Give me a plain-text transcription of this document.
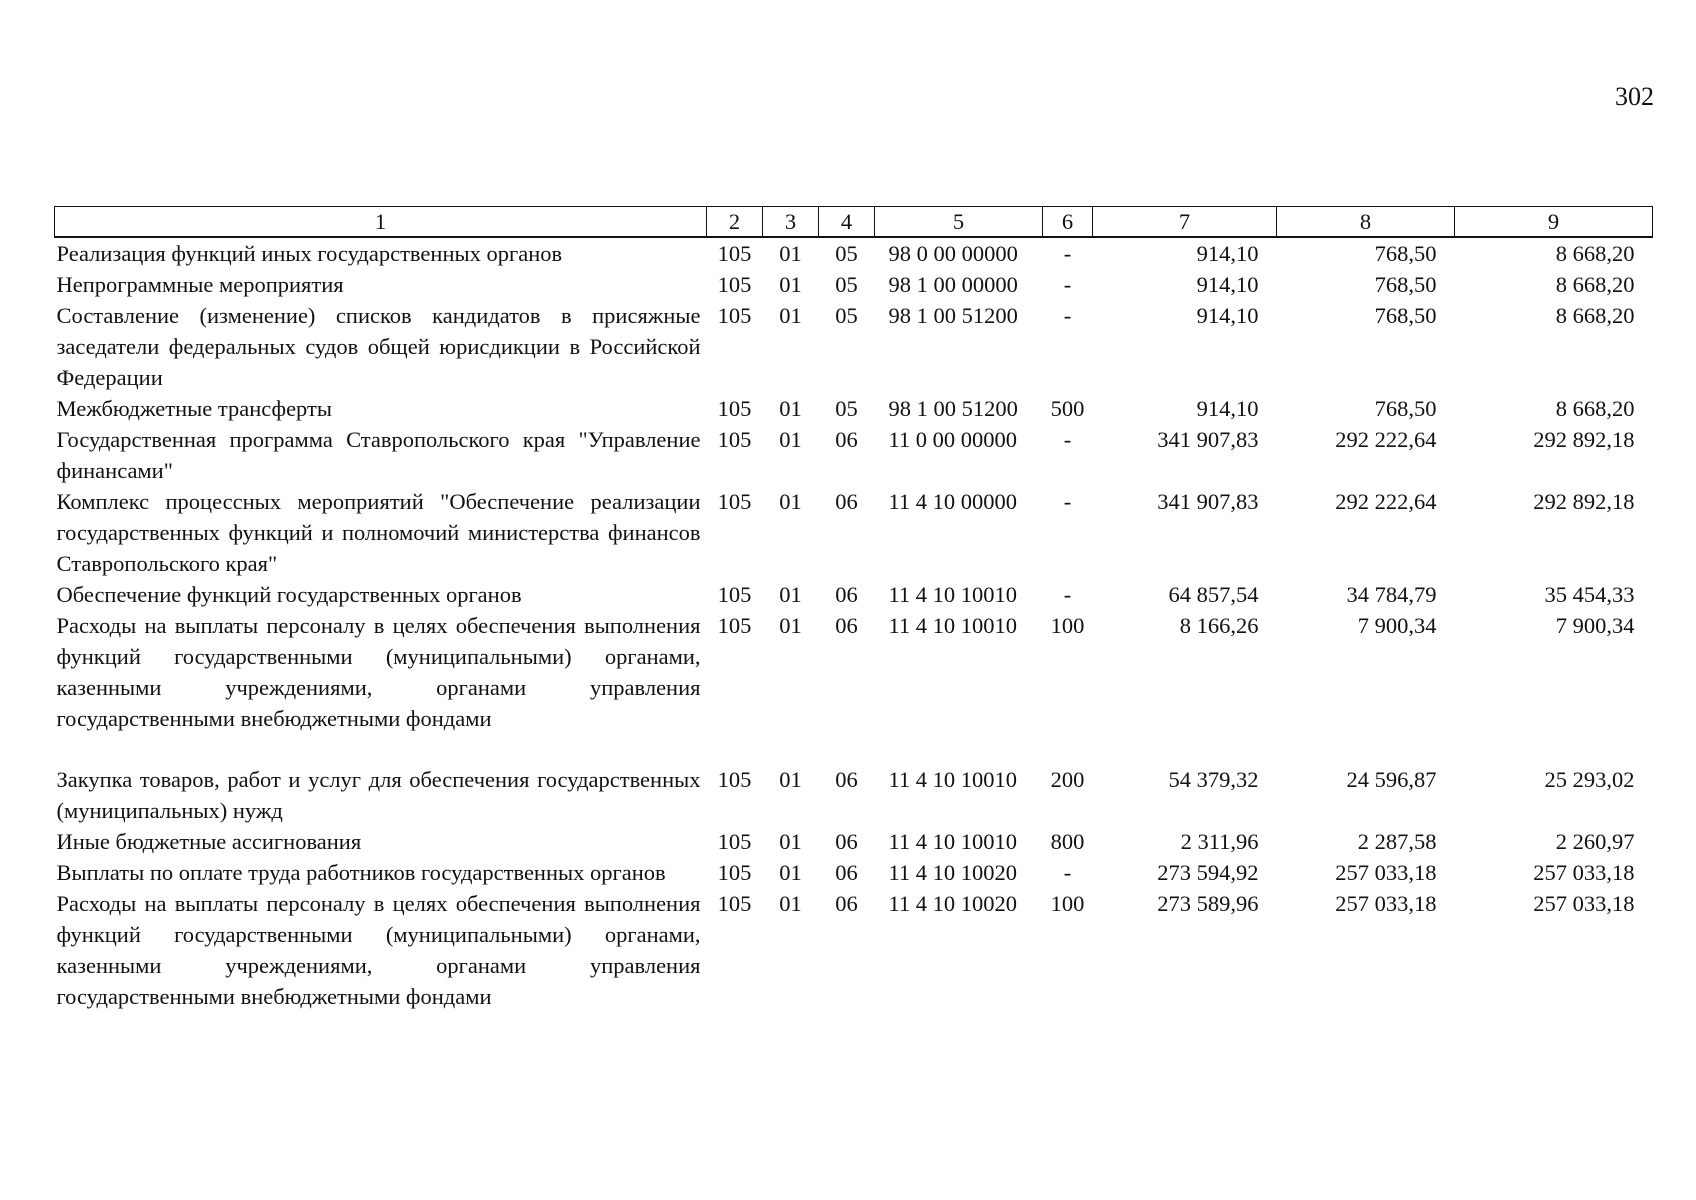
302
1	2	3	4	5	6	7	8	9
Реализация функций иных государственных органов	105	01	05	98 0 00 00000	-	914,10	768,50	8 668,20
Непрограммные мероприятия	105	01	05	98 1 00 00000	-	914,10	768,50	8 668,20
Составление (изменение) списков кандидатов в присяжные заседатели федеральных судов общей юрисдикции в Российской Федерации	105	01	05	98 1 00 51200	-	914,10	768,50	8 668,20
Межбюджетные трансферты	105	01	05	98 1 00 51200	500	914,10	768,50	8 668,20
Государственная программа Ставропольского края "Управление финансами"	105	01	06	11 0 00 00000	-	341 907,83	292 222,64	292 892,18
Комплекс процессных мероприятий "Обеспечение реализации государственных функций и полномочий министерства финансов Ставропольского края"	105	01	06	11 4 10 00000	-	341 907,83	292 222,64	292 892,18
Обеспечение функций государственных органов	105	01	06	11 4 10 10010	-	64 857,54	34 784,79	35 454,33
Расходы на выплаты персоналу в целях обеспечения выполнения функций государственными (муниципальными) органами, казенными учреждениями, органами управления государственными внебюджетными фондами	105	01	06	11 4 10 10010	100	8 166,26	7 900,34	7 900,34
Закупка товаров, работ и услуг для обеспечения государственных (муниципальных) нужд	105	01	06	11 4 10 10010	200	54 379,32	24 596,87	25 293,02
Иные бюджетные ассигнования	105	01	06	11 4 10 10010	800	2 311,96	2 287,58	2 260,97
Выплаты по оплате труда работников государственных органов	105	01	06	11 4 10 10020	-	273 594,92	257 033,18	257 033,18
Расходы на выплаты персоналу в целях обеспечения выполнения функций государственными (муниципальными) органами, казенными учреждениями, органами управления государственными внебюджетными фондами	105	01	06	11 4 10 10020	100	273 589,96	257 033,18	257 033,18
